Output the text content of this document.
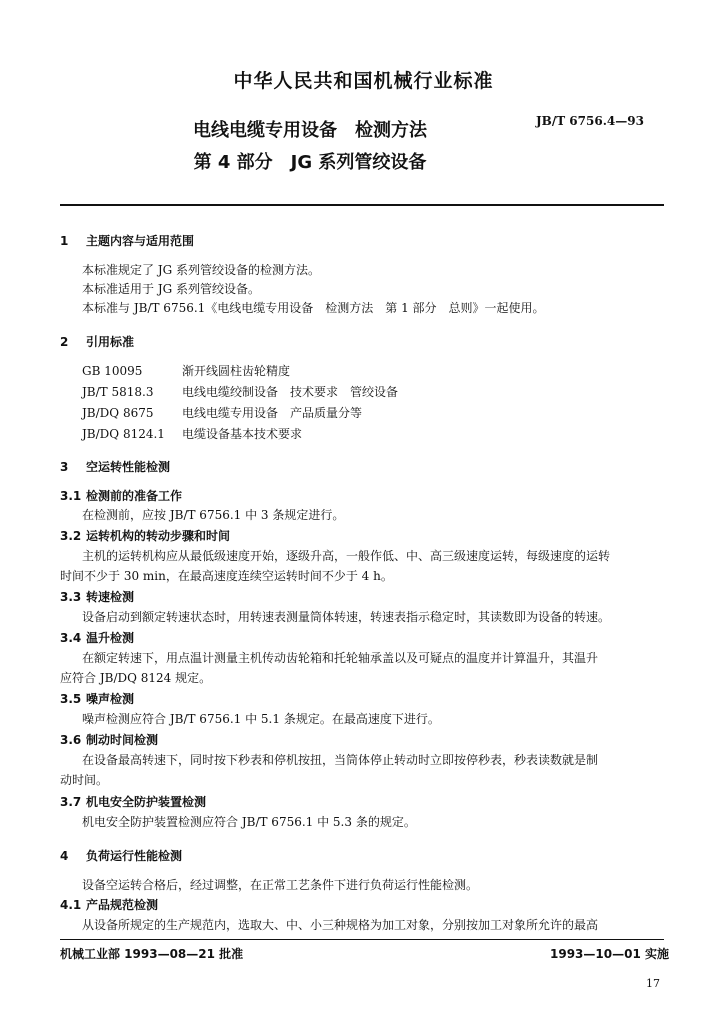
中华人民共和国机械行业标准
JB/T 6756.4—93
电线电缆专用设备　检测方法
第 4 部分　JG 系列管绞设备
1 主题内容与适用范围
本标准规定了 JG 系列管绞设备的检测方法。
本标准适用于 JG 系列管绞设备。
本标准与 JB/T 6756.1《电线电缆专用设备　检测方法　第 1 部分　总则》一起使用。
2 引用标准
GB 10095	渐开线圆柱齿轮精度
JB/T 5818.3 电线电缆绞制设备　技术要求　管绞设备
JB/DQ 8675 电线电缆专用设备　产品质量分等
JB/DQ 8124.1 电缆设备基本技术要求
3 空运转性能检测
3.1 检测前的准备工作
在检测前，应按 JB/T 6756.1 中 3 条规定进行。
3.2 运转机构的转动步骤和时间
主机的运转机构应从最低级速度开始，逐级升高，一般作低、中、高三级速度运转，每级速度的运转
时间不少于 30 min，在最高速度连续空运转时间不少于 4 h。
3.3 转速检测
设备启动到额定转速状态时，用转速表测量筒体转速，转速表指示稳定时，其读数即为设备的转速。
3.4 温升检测
在额定转速下，用点温计测量主机传动齿轮箱和托轮轴承盖以及可疑点的温度并计算温升，其温升
应符合 JB/DQ 8124 规定。
3.5 噪声检测
噪声检测应符合 JB/T 6756.1 中 5.1 条规定。在最高速度下进行。
3.6 制动时间检测
在设备最高转速下，同时按下秒表和停机按扭，当筒体停止转动时立即按停秒表，秒表读数就是制
动时间。
3.7 机电安全防护装置检测
机电安全防护装置检测应符合 JB/T 6756.1 中 5.3 条的规定。
4 负荷运行性能检测
设备空运转合格后，经过调整，在正常工艺条件下进行负荷运行性能检测。
4.1 产品规范检测
从设备所规定的生产规范内，选取大、中、小三种规格为加工对象，分别按加工对象所允许的最高
机械工业部 1993—08—21 批准	1993—10—01 实施
17
